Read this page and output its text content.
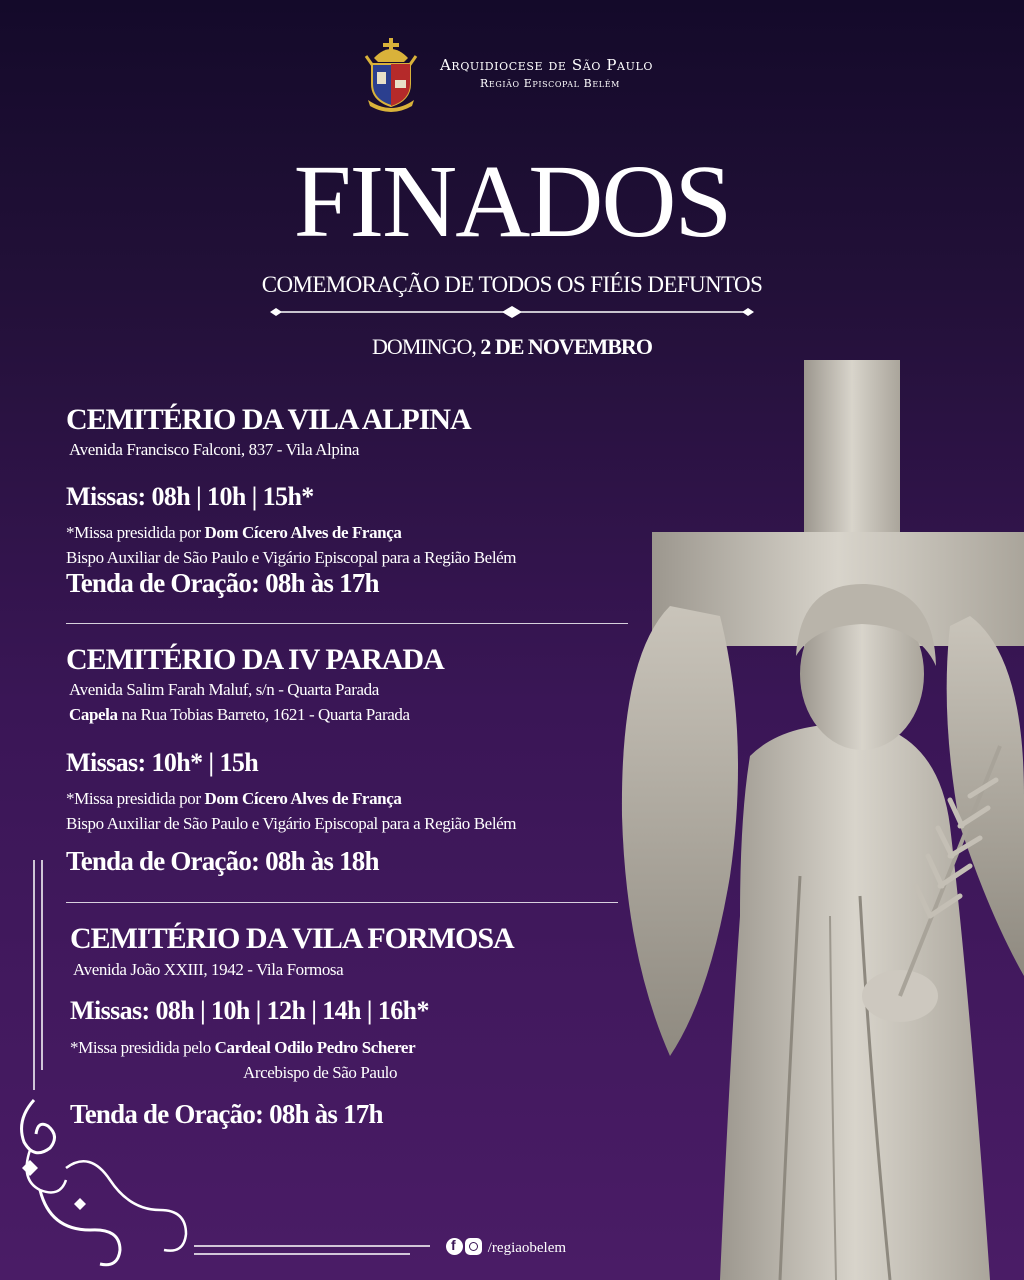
Arquidiocese de São Paulo
Região Episcopal Belém
FINADOS
COMEMORAÇÃO DE TODOS OS FIÉIS DEFUNTOS
DOMINGO, 2 DE NOVEMBRO
CEMITÉRIO DA VILA ALPINA
Avenida Francisco Falconi, 837 - Vila Alpina
Missas: 08h | 10h | 15h*
*Missa presidida por Dom Cícero Alves de França
Bispo Auxiliar de São Paulo e Vigário Episcopal para a Região Belém
Tenda de Oração: 08h às 17h
CEMITÉRIO DA IV PARADA
Avenida Salim Farah Maluf, s/n - Quarta Parada
Capela na Rua Tobias Barreto, 1621 - Quarta Parada
Missas: 10h* | 15h
*Missa presidida por Dom Cícero Alves de França
Bispo Auxiliar de São Paulo e Vigário Episcopal para a Região Belém
Tenda de Oração: 08h às 18h
CEMITÉRIO DA VILA FORMOSA
Avenida João XXIII, 1942 - Vila Formosa
Missas: 08h | 10h | 12h | 14h | 16h*
*Missa presidida pelo Cardeal Odilo Pedro Scherer
Arcebispo de São Paulo
Tenda de Oração: 08h às 17h
f /regiaobelem
